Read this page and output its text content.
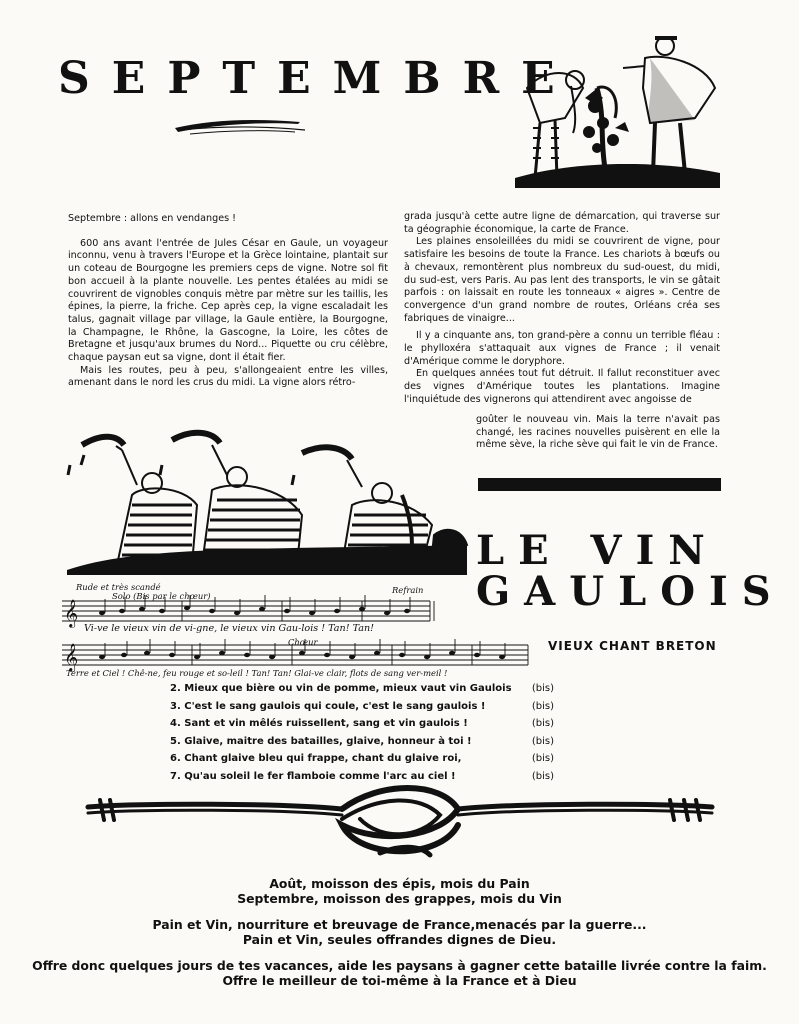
SEPTEMBRE

Septembre : allons en vendanges !

600 ans avant l'entrée de Jules César en Gaule, un voyageur inconnu, venu à travers l'Europe et la Grèce lointaine, plantait sur un coteau de Bourgogne les premiers ceps de vigne. Notre sol fit bon accueil à la plante nouvelle. Les pentes étalées au midi se couvrirent de vignobles conquis mètre par mètre sur les taillis, les épines, la pierre, la friche. Cep après cep, la vigne escaladait les talus, gagnait village par village, la Gaule entière, la Bourgogne, la Champagne, le Rhône, la Gascogne, la Loire, les côtes de Bretagne et jusqu'aux brumes du Nord... Piquette ou cru célèbre, chaque paysan eut sa vigne, dont il était fier.

Mais les routes, peu à peu, s'allongeaient entre les villes, amenant dans le nord les crus du midi. La vigne alors rétro-

grada jusqu'à cette autre ligne de démarcation, qui traverse sur ta géographie économique, la carte de France.

Les plaines ensoleillées du midi se couvrirent de vigne, pour satisfaire les besoins de toute la France. Les chariots à bœufs ou à chevaux, remontèrent plus nombreux du sud-ouest, du midi, du sud-est, vers Paris. Au pas lent des transports, le vin se gâtait parfois : on laissait en route les tonneaux « aigres ». Centre de convergence d'un grand nombre de routes, Orléans créa ses fabriques de vinaigre...

Il y a cinquante ans, ton grand-père a connu un terrible fléau : le phylloxéra s'attaquait aux vignes de France ; il venait d'Amérique comme le doryphore.

En quelques années tout fut détruit. Il fallut reconstituer avec des vignes d'Amérique toutes les plantations. Imagine l'inquiétude des vignerons qui attendirent avec angoisse de

goûter le nouveau vin. Mais la terre n'avait pas changé, les racines nouvelles puisèrent en elle la même sève, la riche sève qui fait le vin de France.

LE VIN
GAULOIS
VIEUX CHANT BRETON
Rude et très scandé
Solo (Bis par le chœur)
Refrain
𝄞
𝄞
Vi-ve le vieux vin de vi-gne, le vieux vin Gau-lois ! Tan! Tan!
Chœur
Terre et Ciel ! Chê-ne, feu rouge et so-leil ! Tan! Tan! Glai-ve clair, flots de sang ver-meil !
2. Mieux que bière ou vin de pomme, mieux vaut vin Gaulois (bis)
3. C'est le sang gaulois qui coule, c'est le sang gaulois !	(bis)
4. Sant et vin mêlés ruissellent, sang et vin gaulois !	(bis)
5. Glaive, maitre des batailles, glaive, honneur à toi !	(bis)
6. Chant glaive bleu qui frappe, chant du glaive roi,	(bis)
7. Qu'au soleil le fer flamboie comme l'arc au ciel !	(bis)
Août, moisson des épis, mois du Pain
Septembre, moisson des grappes, mois du Vin
Pain et Vin, nourriture et breuvage de France,menacés par la guerre...
Pain et Vin, seules offrandes dignes de Dieu.
Offre donc quelques jours de tes vacances, aide les paysans à gagner cette bataille livrée contre la faim.
Offre le meilleur de toi-même à la France et à Dieu
